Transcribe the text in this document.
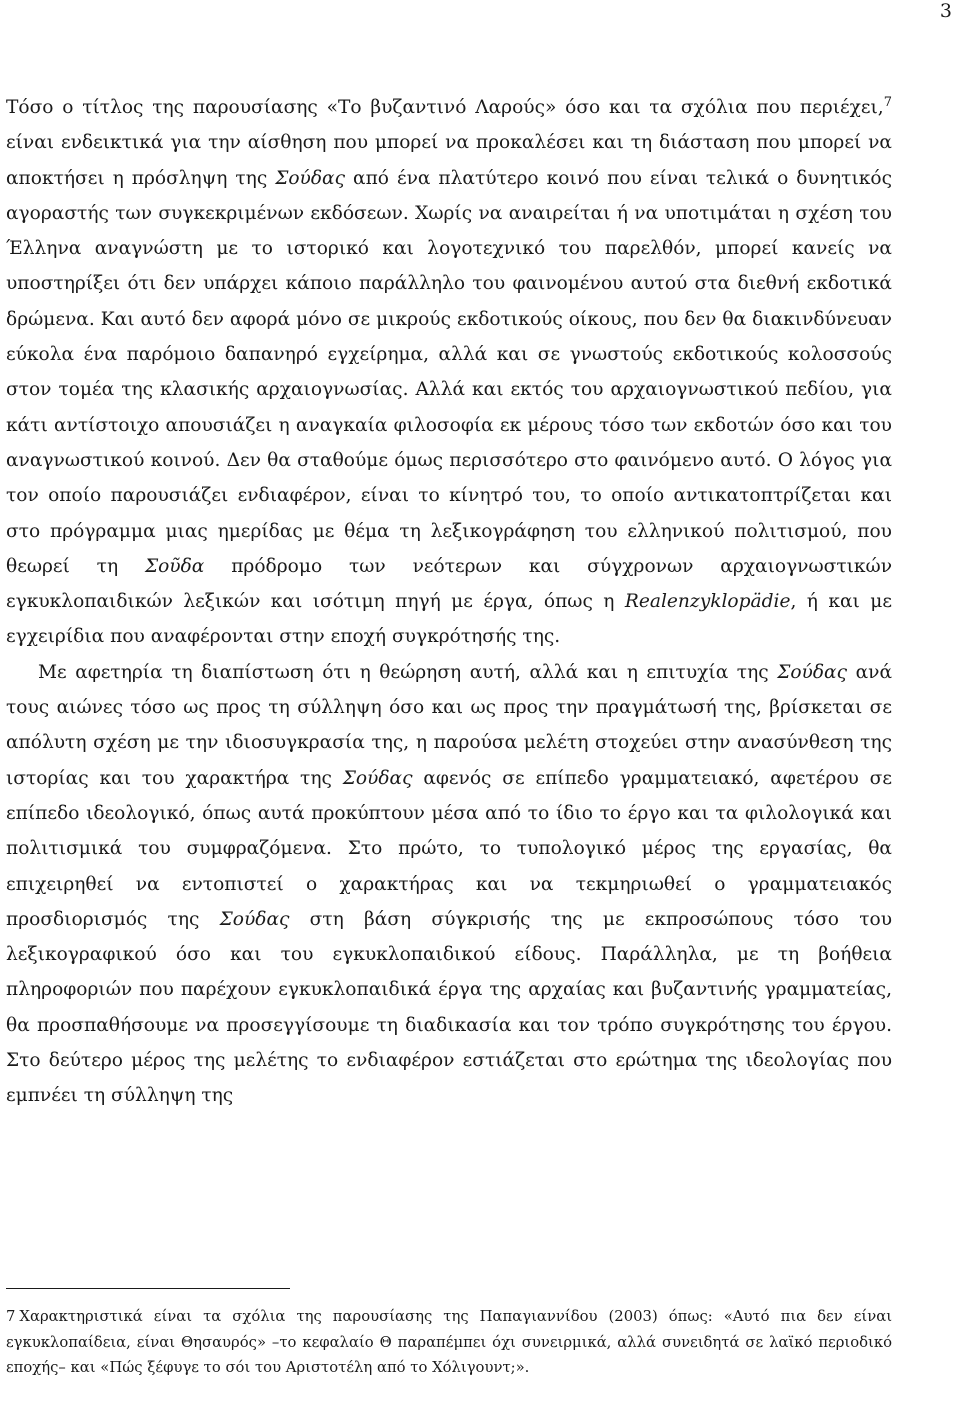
3

Τόσο ο τίτλος της παρουσίασης «Το βυζαντινό Λαρούς» όσο και τα σχόλια που περιέχει,$^7$ είναι ενδεικτικά για την αίσθηση που μπορεί να προκαλέσει και τη διάσταση που μπορεί να αποκτήσει η πρόσληψη της Σούδας από ένα πλατύτερο κοινό που είναι τελικά ο δυνητικός αγοραστής των συγκεκριμένων εκδόσεων. Χωρίς να αναιρείται ή να υποτιμάται η σχέση του Έλληνα αναγνώστη με το ιστορικό και λογοτεχνικό του παρελθόν, μπορεί κανείς να υποστηρίξει ότι δεν υπάρχει κάποιο παράλληλο του φαινομένου αυτού στα διεθνή εκδοτικά δρώμενα. Και αυτό δεν αφορά μόνο σε μικρούς εκδοτικούς οίκους, που δεν θα διακινδύνευαν εύκολα ένα παρόμοιο δαπανηρό εγχείρημα, αλλά και σε γνωστούς εκδοτικούς κολοσσούς στον τομέα της κλασικής αρχαιογνωσίας. Αλλά και εκτός του αρχαιογνωστικού πεδίου, για κάτι αντίστοιχο απουσιάζει η αναγκαία φιλοσοφία εκ μέρους τόσο των εκδοτών όσο και του αναγνωστικού κοινού. Δεν θα σταθούμε όμως περισσότερο στο φαινόμενο αυτό. Ο λόγος για τον οποίο παρουσιάζει ενδιαφέρον, είναι το κίνητρό του, το οποίο αντικατοπτρίζεται και στο πρόγραμμα μιας ημερίδας με θέμα τη λεξικογράφηση του ελληνικού πολιτισμού, που θεωρεί τη Σοῦδα πρόδρομο των νεότερων και σύγχρονων αρχαιογνωστικών εγκυκλοπαιδικών λεξικών και ισότιμη πηγή με έργα, όπως η Realenzyklopädie, ή και με εγχειρίδια που αναφέρονται στην εποχή συγκρότησής της.

Με αφετηρία τη διαπίστωση ότι η θεώρηση αυτή, αλλά και η επιτυχία της Σούδας ανά τους αιώνες τόσο ως προς τη σύλληψη όσο και ως προς την πραγμάτωσή της, βρίσκεται σε απόλυτη σχέση με την ιδιοσυγκρασία της, η παρούσα μελέτη στοχεύει στην ανασύνθεση της ιστορίας και του χαρακτήρα της Σούδας αφενός σε επίπεδο γραμματειακό, αφετέρου σε επίπεδο ιδεολογικό, όπως αυτά προκύπτουν μέσα από το ίδιο το έργο και τα φιλολογικά και πολιτισμικά του συμφραζόμενα. Στο πρώτο, το τυπολογικό μέρος της εργασίας, θα επιχειρηθεί να εντοπιστεί ο χαρακτήρας και να τεκμηριωθεί ο γραμματειακός προσδιορισμός της Σούδας στη βάση σύγκρισής της με εκπροσώπους τόσο του λεξικογραφικού όσο και του εγκυκλοπαιδικού είδους. Παράλληλα, με τη βοήθεια πληροφοριών που παρέχουν εγκυκλοπαιδικά έργα της αρχαίας και βυζαντινής γραμματείας, θα προσπαθήσουμε να προσεγγίσουμε τη διαδικασία και τον τρόπο συγκρότησης του έργου. Στο δεύτερο μέρος της μελέτης το ενδιαφέρον εστιάζεται στο ερώτημα της ιδεολογίας που εμπνέει τη σύλληψη της

7 Χαρακτηριστικά είναι τα σχόλια της παρουσίασης της Παπαγιαννίδου (2003) όπως: «Αυτό πια δεν είναι εγκυκλοπαίδεια, είναι Θησαυρός» –το κεφαλαίο Θ παραπέμπει όχι συνειρμικά, αλλά συνειδητά σε λαϊκό περιοδικό εποχής– και «Πώς ξέφυγε το σόι του Αριστοτέλη από το Χόλιγουντ;».
